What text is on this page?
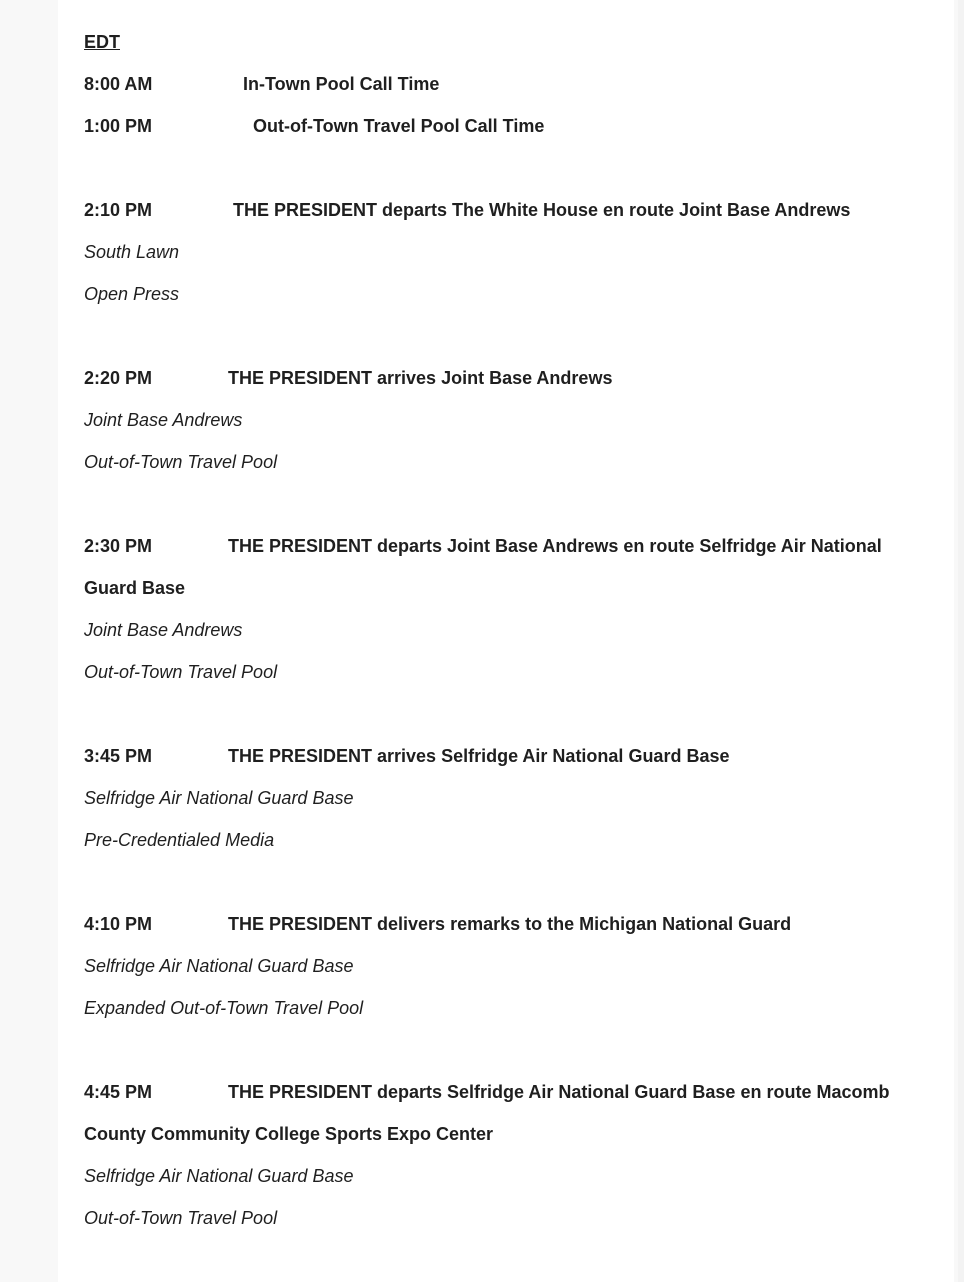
EDT
8:00 AM	In-Town Pool Call Time
1:00 PM	Out-of-Town Travel Pool Call Time
2:10 PM	THE PRESIDENT departs The White House en route Joint Base Andrews
South Lawn
Open Press
2:20 PM	THE PRESIDENT arrives Joint Base Andrews
Joint Base Andrews
Out-of-Town Travel Pool
2:30 PM	THE PRESIDENT departs Joint Base Andrews en route Selfridge Air National
Guard Base
Joint Base Andrews
Out-of-Town Travel Pool
3:45 PM	THE PRESIDENT arrives Selfridge Air National Guard Base
Selfridge Air National Guard Base
Pre-Credentialed Media
4:10 PM	THE PRESIDENT delivers remarks to the Michigan National Guard
Selfridge Air National Guard Base
Expanded Out-of-Town Travel Pool
4:45 PM	THE PRESIDENT departs Selfridge Air National Guard Base en route Macomb
County Community College Sports Expo Center
Selfridge Air National Guard Base
Out-of-Town Travel Pool
